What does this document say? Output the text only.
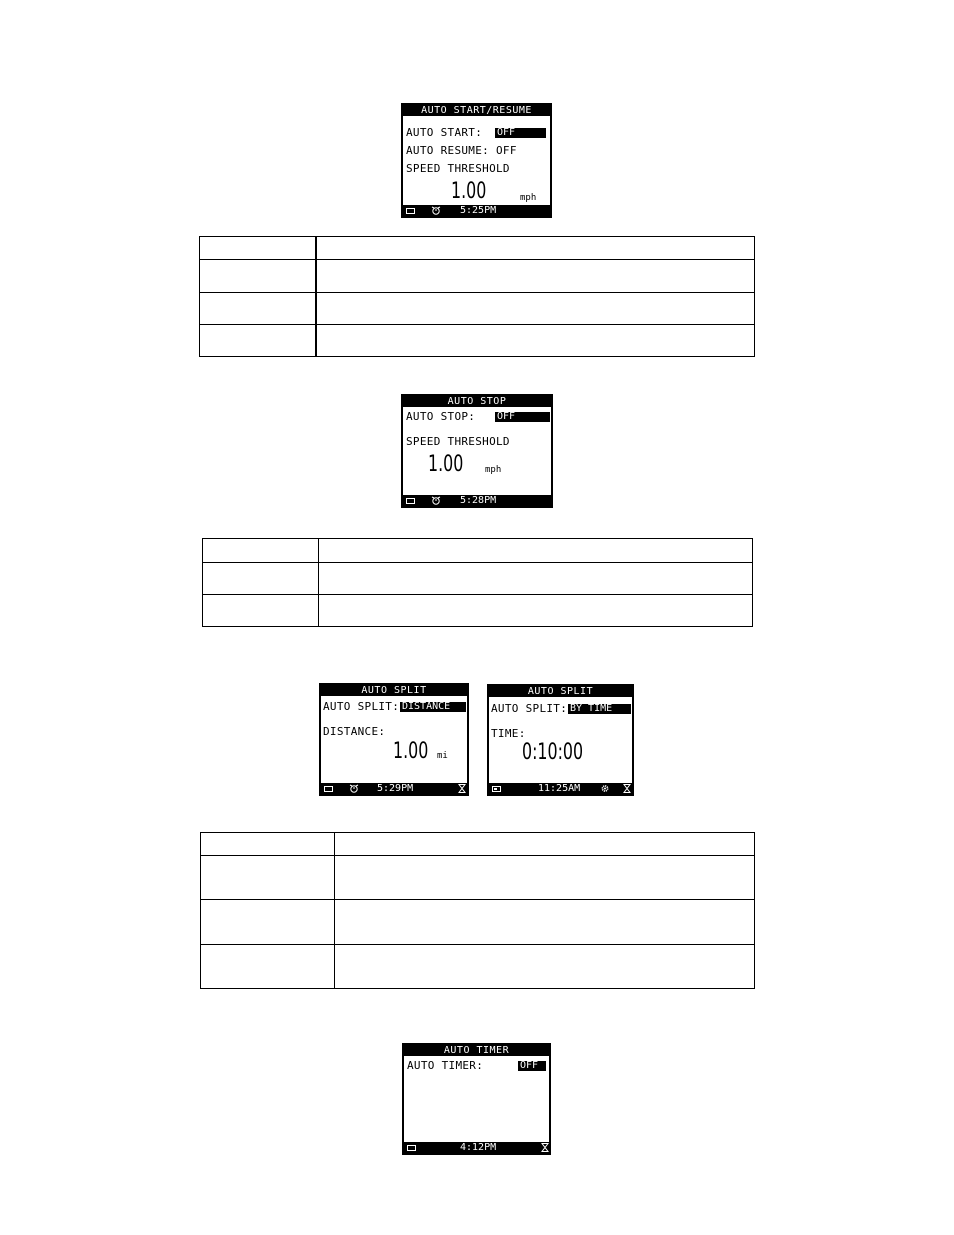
AUTO START/RESUME
AUTO START: OFF
AUTO RESUME: OFF
SPEED THRESHOLD
1.00	mph
5:25PM
AUTO STOP
AUTO STOP: OFF
SPEED THRESHOLD
1.00 mph
5:28PM
AUTO SPLIT
AUTO SPLIT: DISTANCE
DISTANCE:
1.00 mi
5:29PM
AUTO SPLIT
AUTO SPLIT: BY TIME
TIME:
0:10:00
11:25AM
AUTO TIMER
AUTO TIMER:	OFF
4:12PM
